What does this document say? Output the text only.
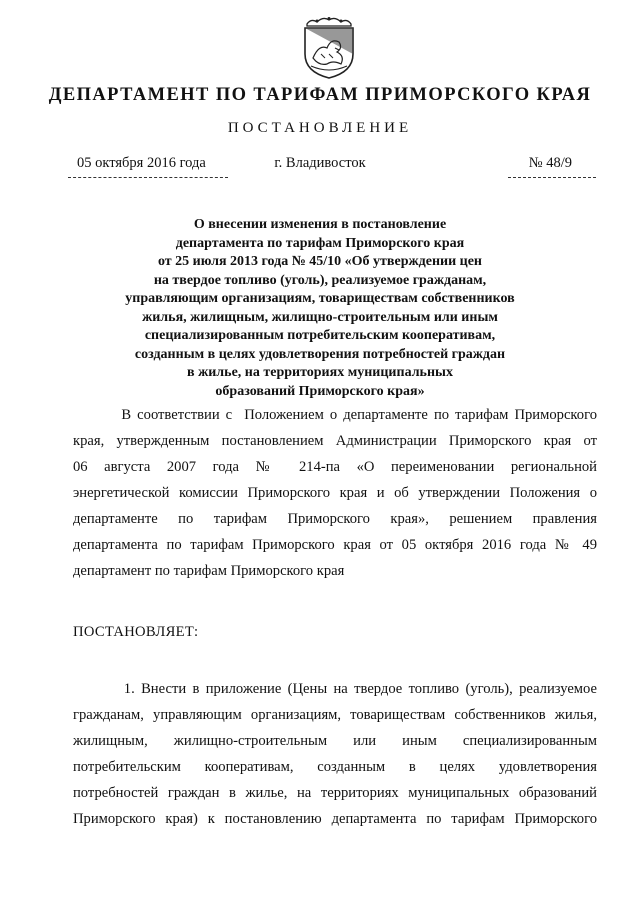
ДЕПАРТАМЕНТ ПО ТАРИФАМ ПРИМОРСКОГО КРАЯ
ПОСТАНОВЛЕНИЕ
05 октября 2016 года	г. Владивосток	№ 48/9
О внесении изменения в постановление
департамента по тарифам Приморского края
от 25 июля 2013 года № 45/10 «Об утверждении цен
на твердое топливо (уголь), реализуемое гражданам,
управляющим организациям, товариществам собственников
жилья, жилищным, жилищно-строительным или иным
специализированным потребительским кооперативам,
созданным в целях удовлетворения потребностей граждан
в жилье, на территориях муниципальных
образований Приморского края»
В соответствии с  Положением о департаменте по тарифам Приморского
края, утвержденным постановлением Администрации Приморского края от
06 августа 2007 года № 214-па «О переименовании региональной
энергетической комиссии Приморского края и об утверждении Положения о
департаменте по тарифам Приморского края», решением правления
департамента по тарифам Приморского края от 05 октября 2016 года № 49
департамент по тарифам Приморского края
ПОСТАНОВЛЯЕТ:
1. Внести в приложение (Цены на твердое топливо (уголь), реализуемое
гражданам, управляющим организациям, товариществам собственников жилья,
жилищным, жилищно-строительным или иным специализированным
потребительским кооперативам, созданным в целях удовлетворения
потребностей граждан в жилье, на территориях муниципальных образований
Приморского края) к постановлению департамента по тарифам Приморского
